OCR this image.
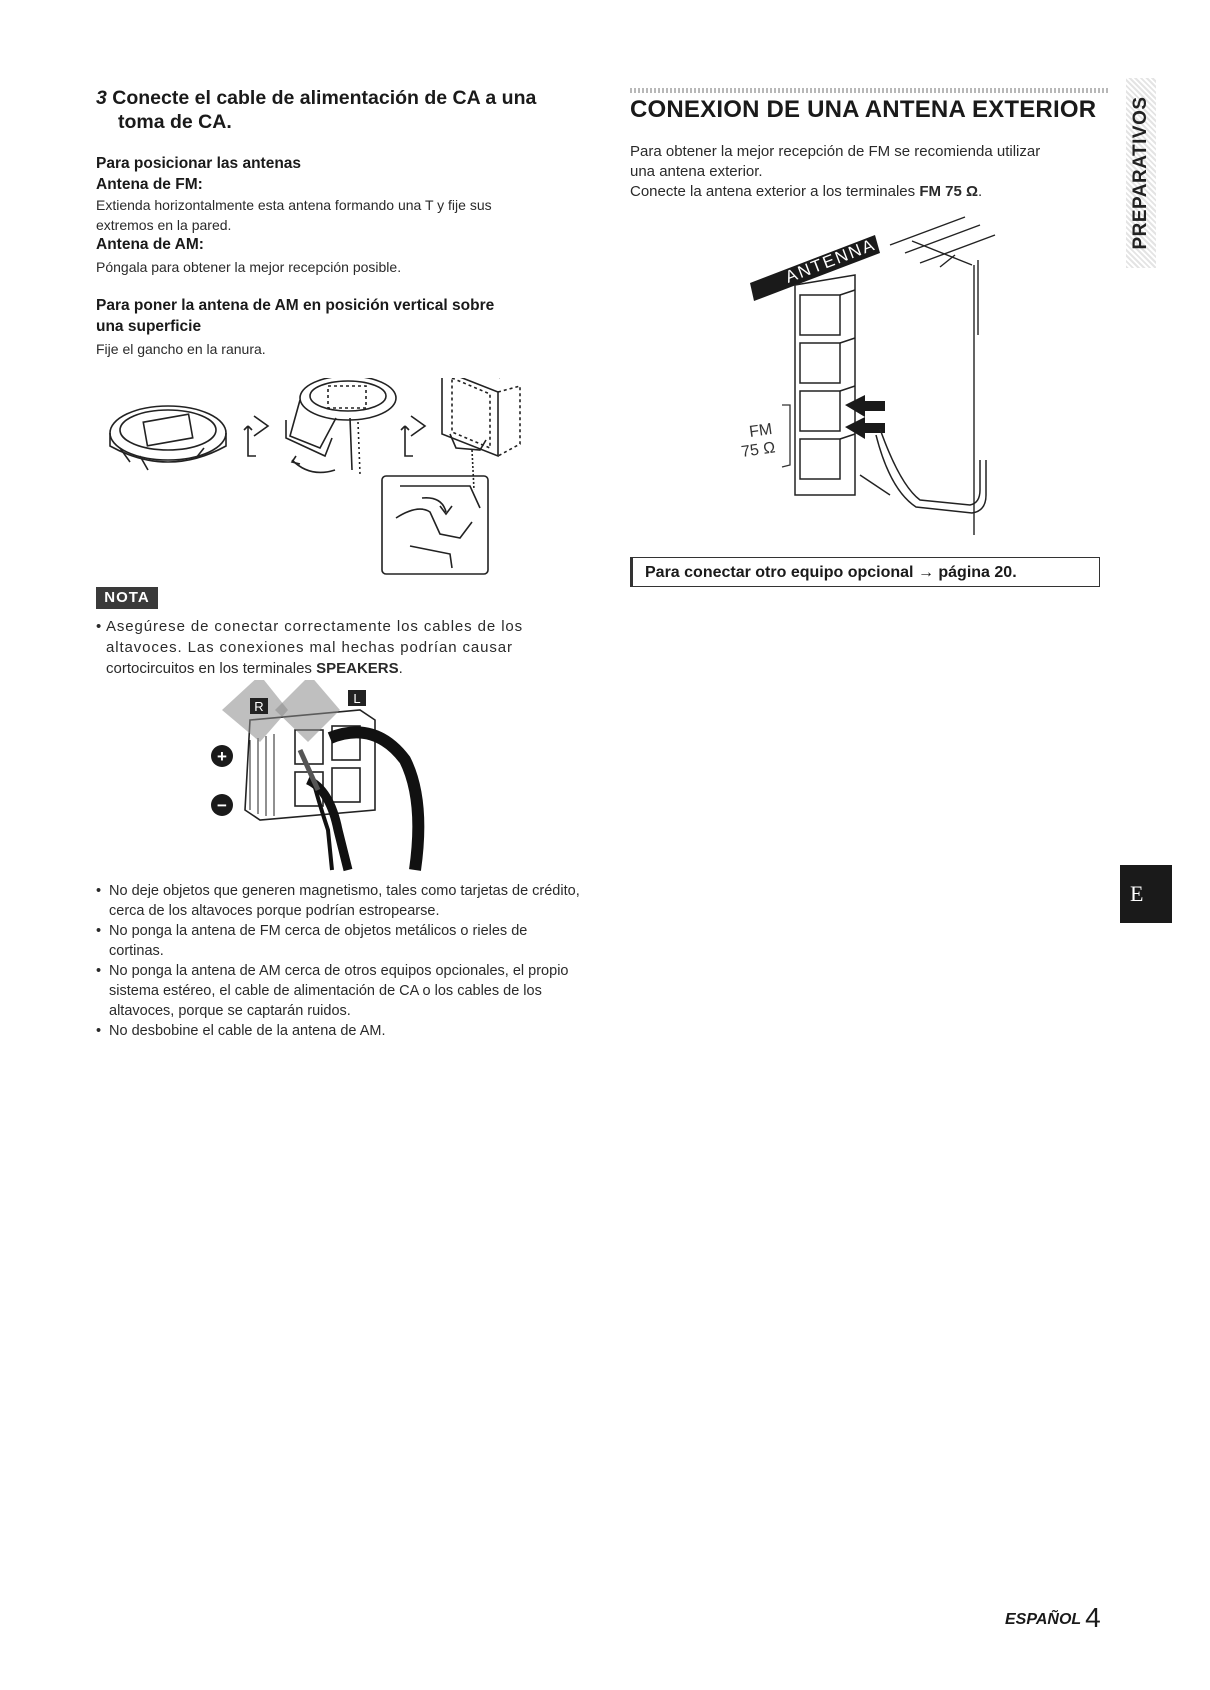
3 Conecte el cable de alimentación de CA a una
toma de CA.
Para posicionar las antenas
Antena de FM:
Extienda horizontalmente esta antena formando una T y fije sus
extremos en la pared.
Antena de AM:
Póngala para obtener la mejor recepción posible.
Para poner la antena de AM en posición vertical sobre
una superficie
Fije el gancho en la ranura.
NOTA
• Asegúrese de conectar correctamente los cables de los
altavoces. Las conexiones mal hechas podrían causar
cortocircuitos en los terminales SPEAKERS.
R
L
+
−
• No deje objetos que generen magnetismo, tales como tarjetas de crédito, cerca de los altavoces porque podrían estropearse.
• No ponga la antena de FM cerca de objetos metálicos o rieles de cortinas.
• No ponga la antena de AM cerca de otros equipos opcionales, el propio sistema estéreo, el cable de alimentación de CA o los cables de los altavoces, porque se captarán ruidos.
• No desbobine el cable de la antena de AM.
CONEXION DE UNA ANTENA EXTERIOR
Para obtener la mejor recepción de FM se recomienda utilizar
una antena exterior.
Conecte la antena exterior a los terminales FM 75 Ω.
ANTENNA
FM
75 Ω
Para conectar otro equipo opcional → página 20.
PREPARATIVOS
E
ESPAÑOL 4
